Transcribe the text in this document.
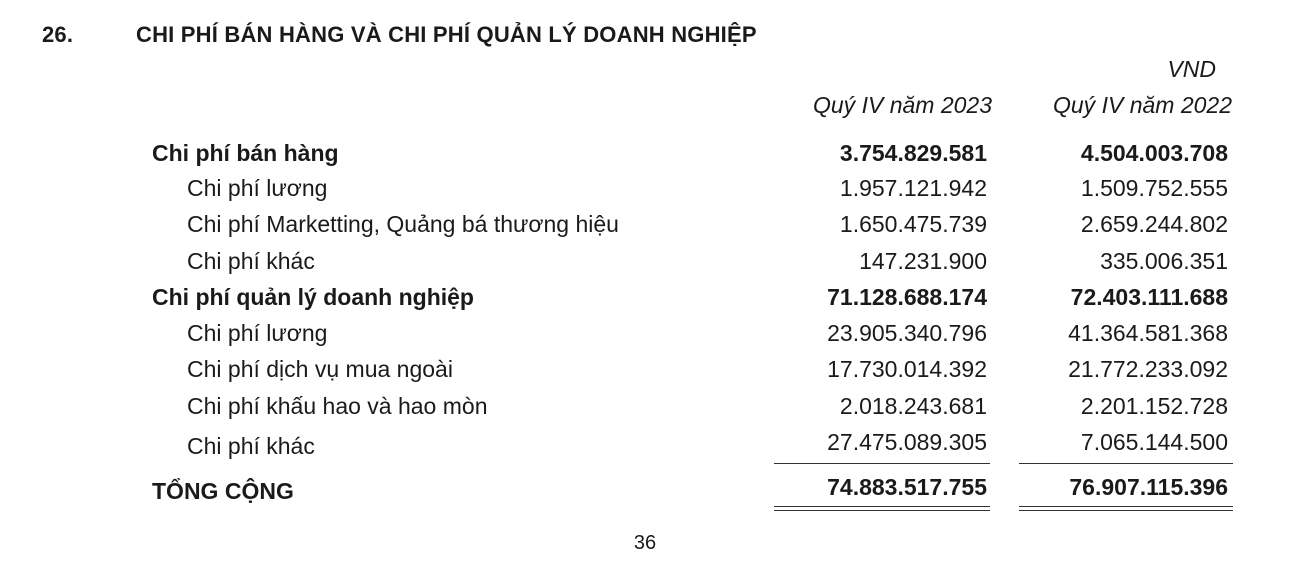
26.	CHI PHÍ BÁN HÀNG VÀ CHI PHÍ QUẢN LÝ DOANH NGHIỆP
VND
Quý IV năm 2023	Quý IV năm 2022
Chi phí bán hàng	3.754.829.581	4.504.003.708
Chi phí lương	1.957.121.942	1.509.752.555
Chi phí Marketting, Quảng bá thương hiệu	1.650.475.739	2.659.244.802
Chi phí khác	147.231.900	335.006.351
Chi phí quản lý doanh nghiệp	71.128.688.174	72.403.111.688
Chi phí lương	23.905.340.796	41.364.581.368
Chi phí dịch vụ mua ngoài	17.730.014.392	21.772.233.092
Chi phí khấu hao và hao mòn	2.018.243.681	2.201.152.728
Chi phí khác	27.475.089.305	7.065.144.500
TỔNG CỘNG	74.883.517.755	76.907.115.396
36
